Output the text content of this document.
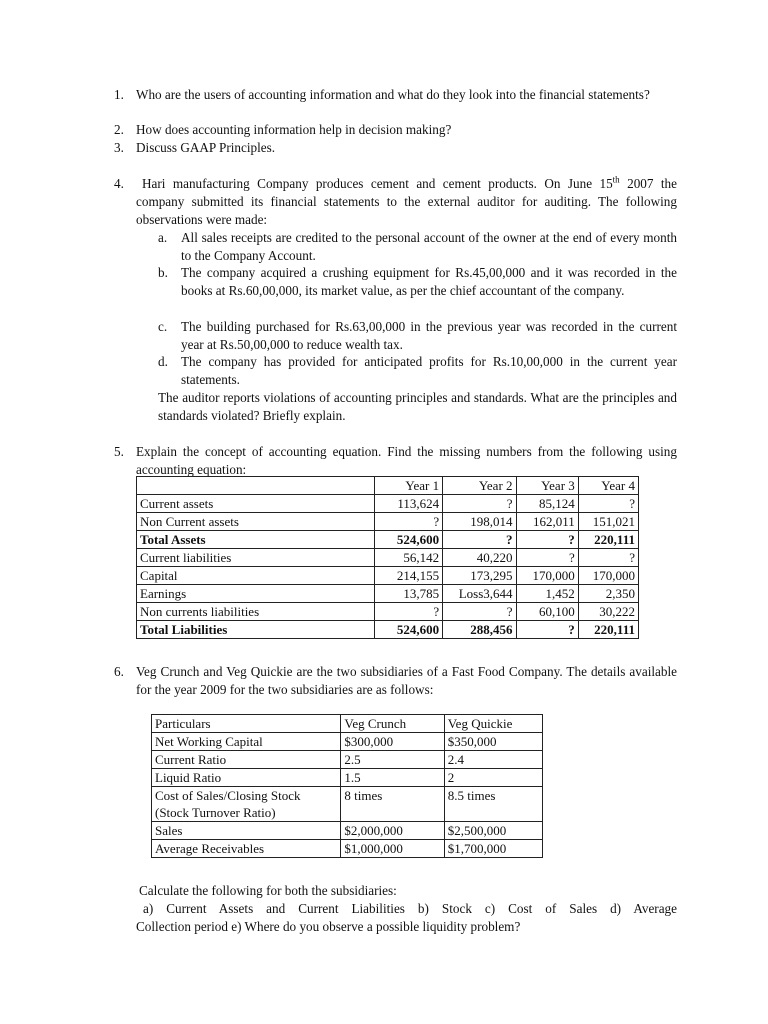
1. Who are the users of accounting information and what do they look into the financial statements?
2. How does accounting information help in decision making?
3. Discuss GAAP Principles.
4.	Hari manufacturing Company produces cement and cement products. On June 15th 2007 the company submitted its financial statements to the external auditor for auditing. The following observations were made:
a. All sales receipts are credited to the personal account of the owner at the end of every month to the Company Account.
b. The company acquired a crushing equipment for Rs.45,00,000 and it was recorded in the books at Rs.60,00,000, its market value, as per the chief accountant of the company.
c. The building purchased for Rs.63,00,000 in the previous year was recorded in the current year at Rs.50,00,000 to reduce wealth tax.
d. The company has provided for anticipated profits for Rs.10,00,000 in the current year statements.
The auditor reports violations of accounting principles and standards. What are the principles and standards violated? Briefly explain.
5. Explain the concept of accounting equation. Find the missing numbers from the following using accounting equation:
	Year 1	Year 2	Year 3	Year 4
Current assets	113,624	?	85,124	?
Non Current assets	?	198,014	162,011	151,021
Total Assets	524,600	?	?	220,111
Current liabilities	56,142	40,220	?	?
Capital	214,155	173,295	170,000	170,000
Earnings	13,785	Loss3,644	1,452	2,350
Non currents liabilities	?	?	60,100	30,222
Total Liabilities	524,600	288,456	?	220,111
6. Veg Crunch and Veg Quickie are the two subsidiaries of a Fast Food Company. The details available for the year 2009 for the two subsidiaries are as follows:
Particulars	Veg Crunch	Veg Quickie
Net Working Capital	$300,000	$350,000
Current Ratio	2.5	2.4
Liquid Ratio	1.5	2
Cost of Sales/Closing Stock
(Stock Turnover Ratio)	8 times	8.5 times
Sales	$2,000,000	$2,500,000
Average Receivables	$1,000,000	$1,700,000
Calculate the following for both the subsidiaries:
a) Current Assets and Current Liabilities b) Stock c) Cost of Sales d) Average
Collection period e) Where do you observe a possible liquidity problem?
